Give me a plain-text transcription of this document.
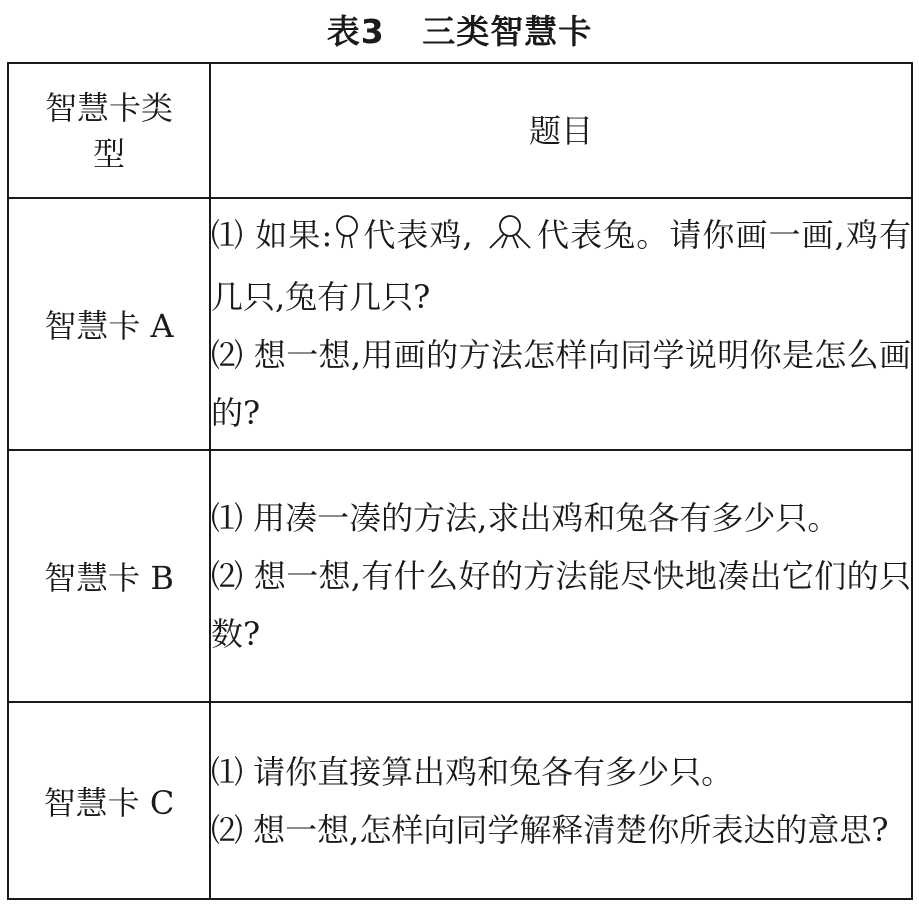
表3   三类智慧卡
智慧卡类型	题目
智慧卡 A	⑴ 如果: 代表鸡, 代表兔。请你画一画,鸡有几只,兔有几只?
⑵ 想一想,用画的方法怎样向同学说明你是怎么画的?

智慧卡 B	⑴ 用凑一凑的方法,求出鸡和兔各有多少只。
⑵ 想一想,有什么好的方法能尽快地凑出它们的只数?

智慧卡 C	⑴ 请你直接算出鸡和兔各有多少只。
⑵ 想一想,怎样向同学解释清楚你所表达的意思?
